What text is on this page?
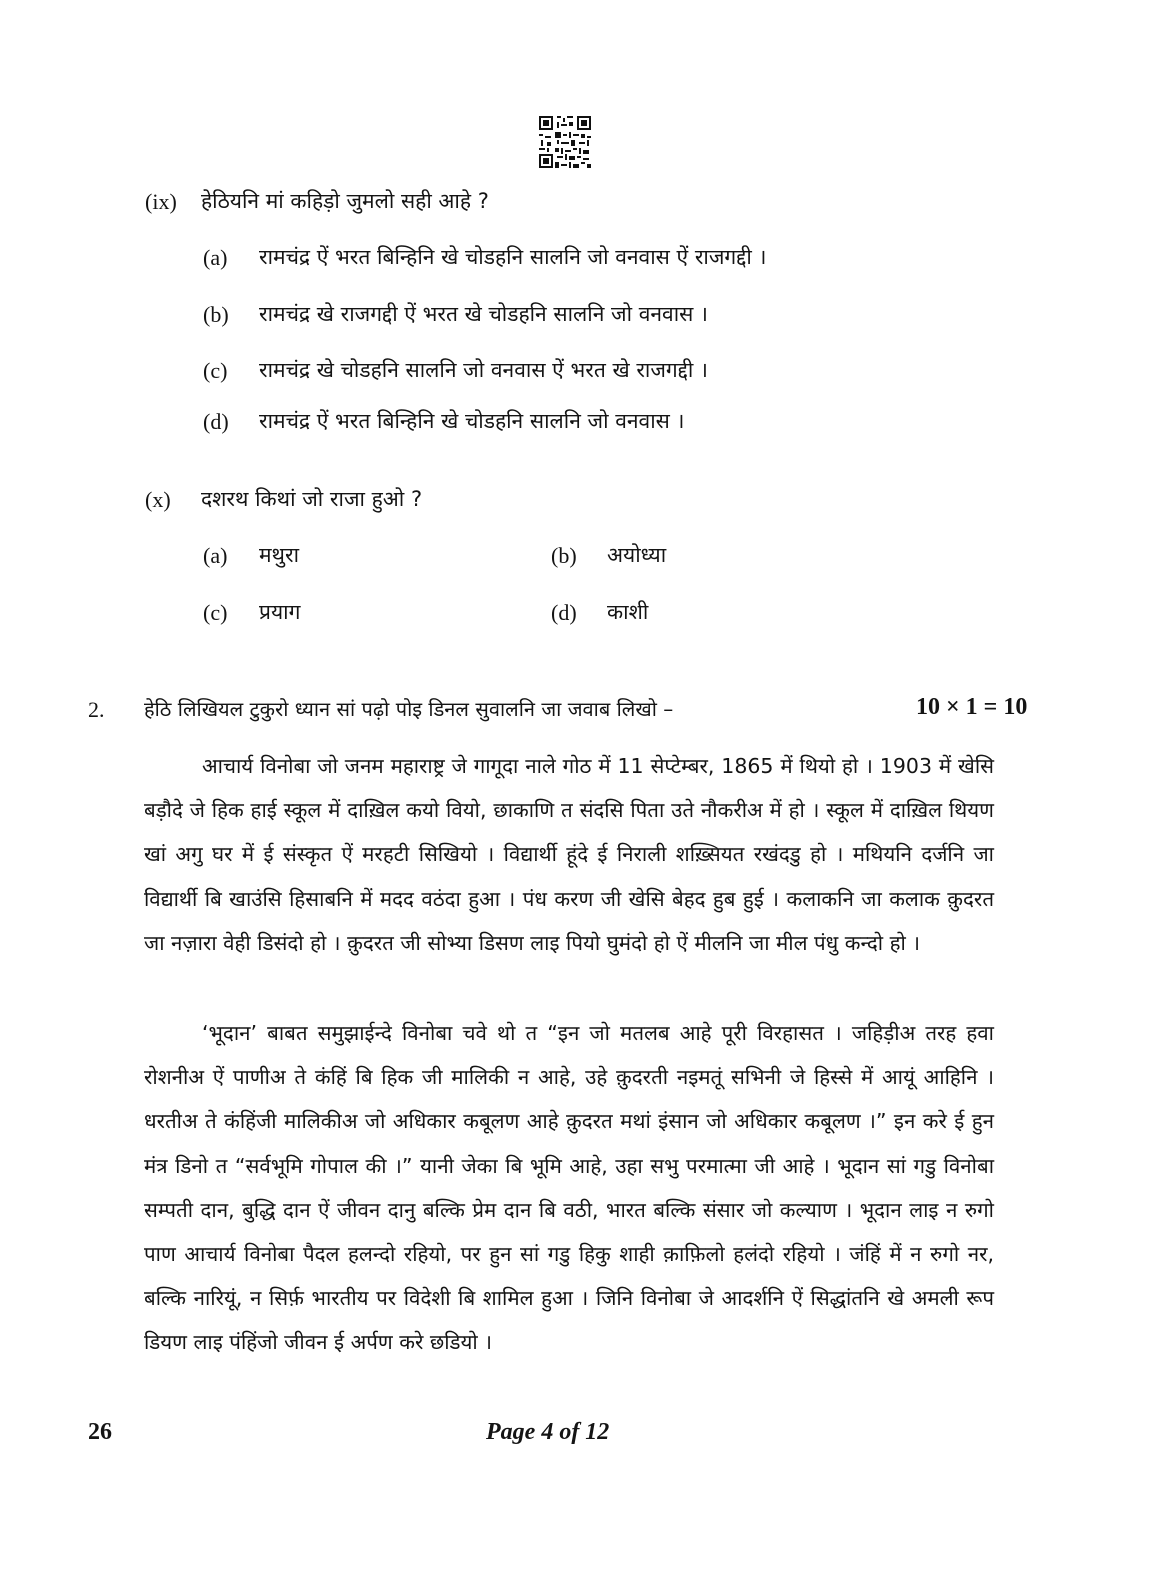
(ix) हेठियनि मां कहिड़ो जुमलो सही आहे ?
(a) रामचंद्र ऐं भरत बिन्हिनि खे चोडहनि सालनि जो वनवास ऐं राजगद्दी ।
(b) रामचंद्र खे राजगद्दी ऐं भरत खे चोडहनि सालनि जो वनवास ।
(c) रामचंद्र खे चोडहनि सालनि जो वनवास ऐं भरत खे राजगद्दी ।
(d) रामचंद्र ऐं भरत बिन्हिनि खे चोडहनि सालनि जो वनवास ।
(x) दशरथ किथां जो राजा हुओ ?
(a) मथुरा	(b) अयोध्या
(c) प्रयाग	(d) काशी
2. हेठि लिखियल टुकुरो ध्यान सां पढ़ो पोइ डिनल सुवालनि जा जवाब लिखो –	10 × 1 = 10
आचार्य विनोबा जो जनम महाराष्ट्र जे गागूदा नाले गोठ में 11 सेप्टेम्बर, 1865 में थियो हो । 1903 में खेसि बड़ौदे जे हिक हाई स्कूल में दाख़िल कयो वियो, छाकाणि त संदसि पिता उते नौकरीअ में हो । स्कूल में दाख़िल थियण खां अगु घर में ई संस्कृत ऐं मरहटी सिखियो । विद्यार्थी हूंदे ई निराली शख़्सियत रखंदडु हो । मथियनि दर्जनि जा विद्यार्थी बि खाउंसि हिसाबनि में मदद वठंदा हुआ । पंध करण जी खेसि बेहद हुब हुई । कलाकनि जा कलाक क़ुदरत जा नज़ारा वेही डिसंदो हो । क़ुदरत जी सोभ्या डिसण लाइ पियो घुमंदो हो ऐं मीलनि जा मील पंधु कन्दो हो ।
‘भूदान’ बाबत समुझाईन्दे विनोबा चवे थो त “इन जो मतलब आहे पूरी विरहासत । जहिड़ीअ तरह हवा रोशनीअ ऐं पाणीअ ते कंहिं बि हिक जी मालिकी न आहे, उहे क़ुदरती नइमतूं सभिनी जे हिस्से में आयूं आहिनि । धरतीअ ते कंहिंजी मालिकीअ जो अधिकार कबूलण आहे क़ुदरत मथां इंसान जो अधिकार कबूलण ।” इन करे ई हुन मंत्र डिनो त “सर्वभूमि गोपाल की ।” यानी जेका बि भूमि आहे, उहा सभु परमात्मा जी आहे । भूदान सां गडु विनोबा सम्पती दान, बुद्धि दान ऐं जीवन दानु बल्कि प्रेम दान बि वठी, भारत बल्कि संसार जो कल्याण । भूदान लाइ न रुगो पाण आचार्य विनोबा पैदल हलन्दो रहियो, पर हुन सां गडु हिकु शाही क़ाफ़िलो हलंदो रहियो । जंहिं में न रुगो नर, बल्कि नारियूं, न सिर्फ़ भारतीय पर विदेशी बि शामिल हुआ । जिनि विनोबा जे आदर्शनि ऐं सिद्धांतनि खे अमली रूप डियण लाइ पंहिंजो जीवन ई अर्पण करे छडियो ।
26	Page 4 of 12
